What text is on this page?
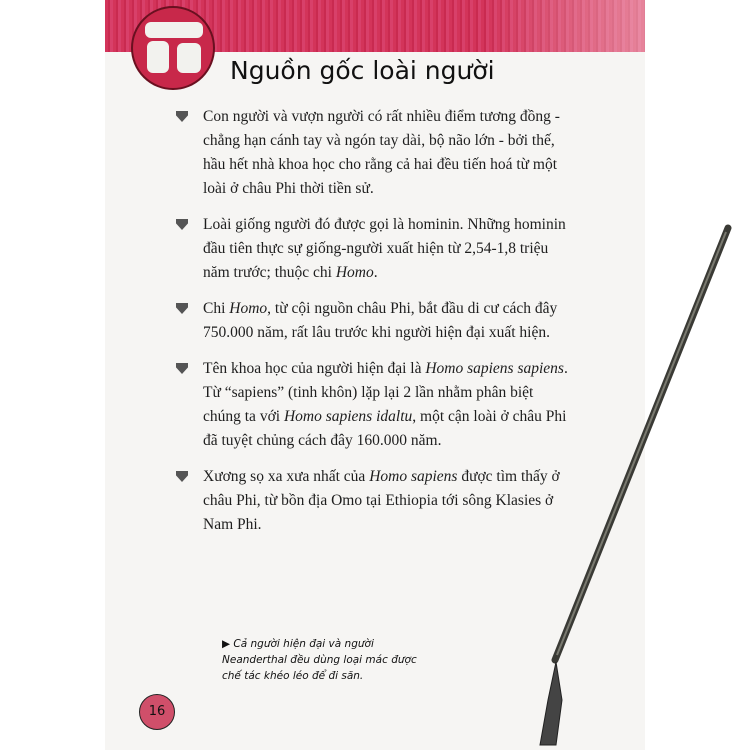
Nguồn gốc loài người
Con người và vượn người có rất nhiều điểm tương đồng - chẳng hạn cánh tay và ngón tay dài, bộ não lớn - bởi thế, hầu hết nhà khoa học cho rằng cả hai đều tiến hoá từ một loài ở châu Phi thời tiền sử.
Loài giống người đó được gọi là hominin. Những hominin đầu tiên thực sự giống-người xuất hiện từ 2,54-1,8 triệu năm trước; thuộc chi Homo.
Chi Homo, từ cội nguồn châu Phi, bắt đầu di cư cách đây 750.000 năm, rất lâu trước khi người hiện đại xuất hiện.
Tên khoa học của người hiện đại là Homo sapiens sapiens. Từ “sapiens” (tinh khôn) lặp lại 2 lần nhằm phân biệt chúng ta với Homo sapiens idaltu, một cận loài ở châu Phi đã tuyệt chủng cách đây 160.000 năm.
Xương sọ xa xưa nhất của Homo sapiens được tìm thấy ở châu Phi, từ bồn địa Omo tại Ethiopia tới sông Klasies ở Nam Phi.
▶ Cả người hiện đại và người Neanderthal đều dùng loại mác được chế tác khéo léo để đi săn.
16
